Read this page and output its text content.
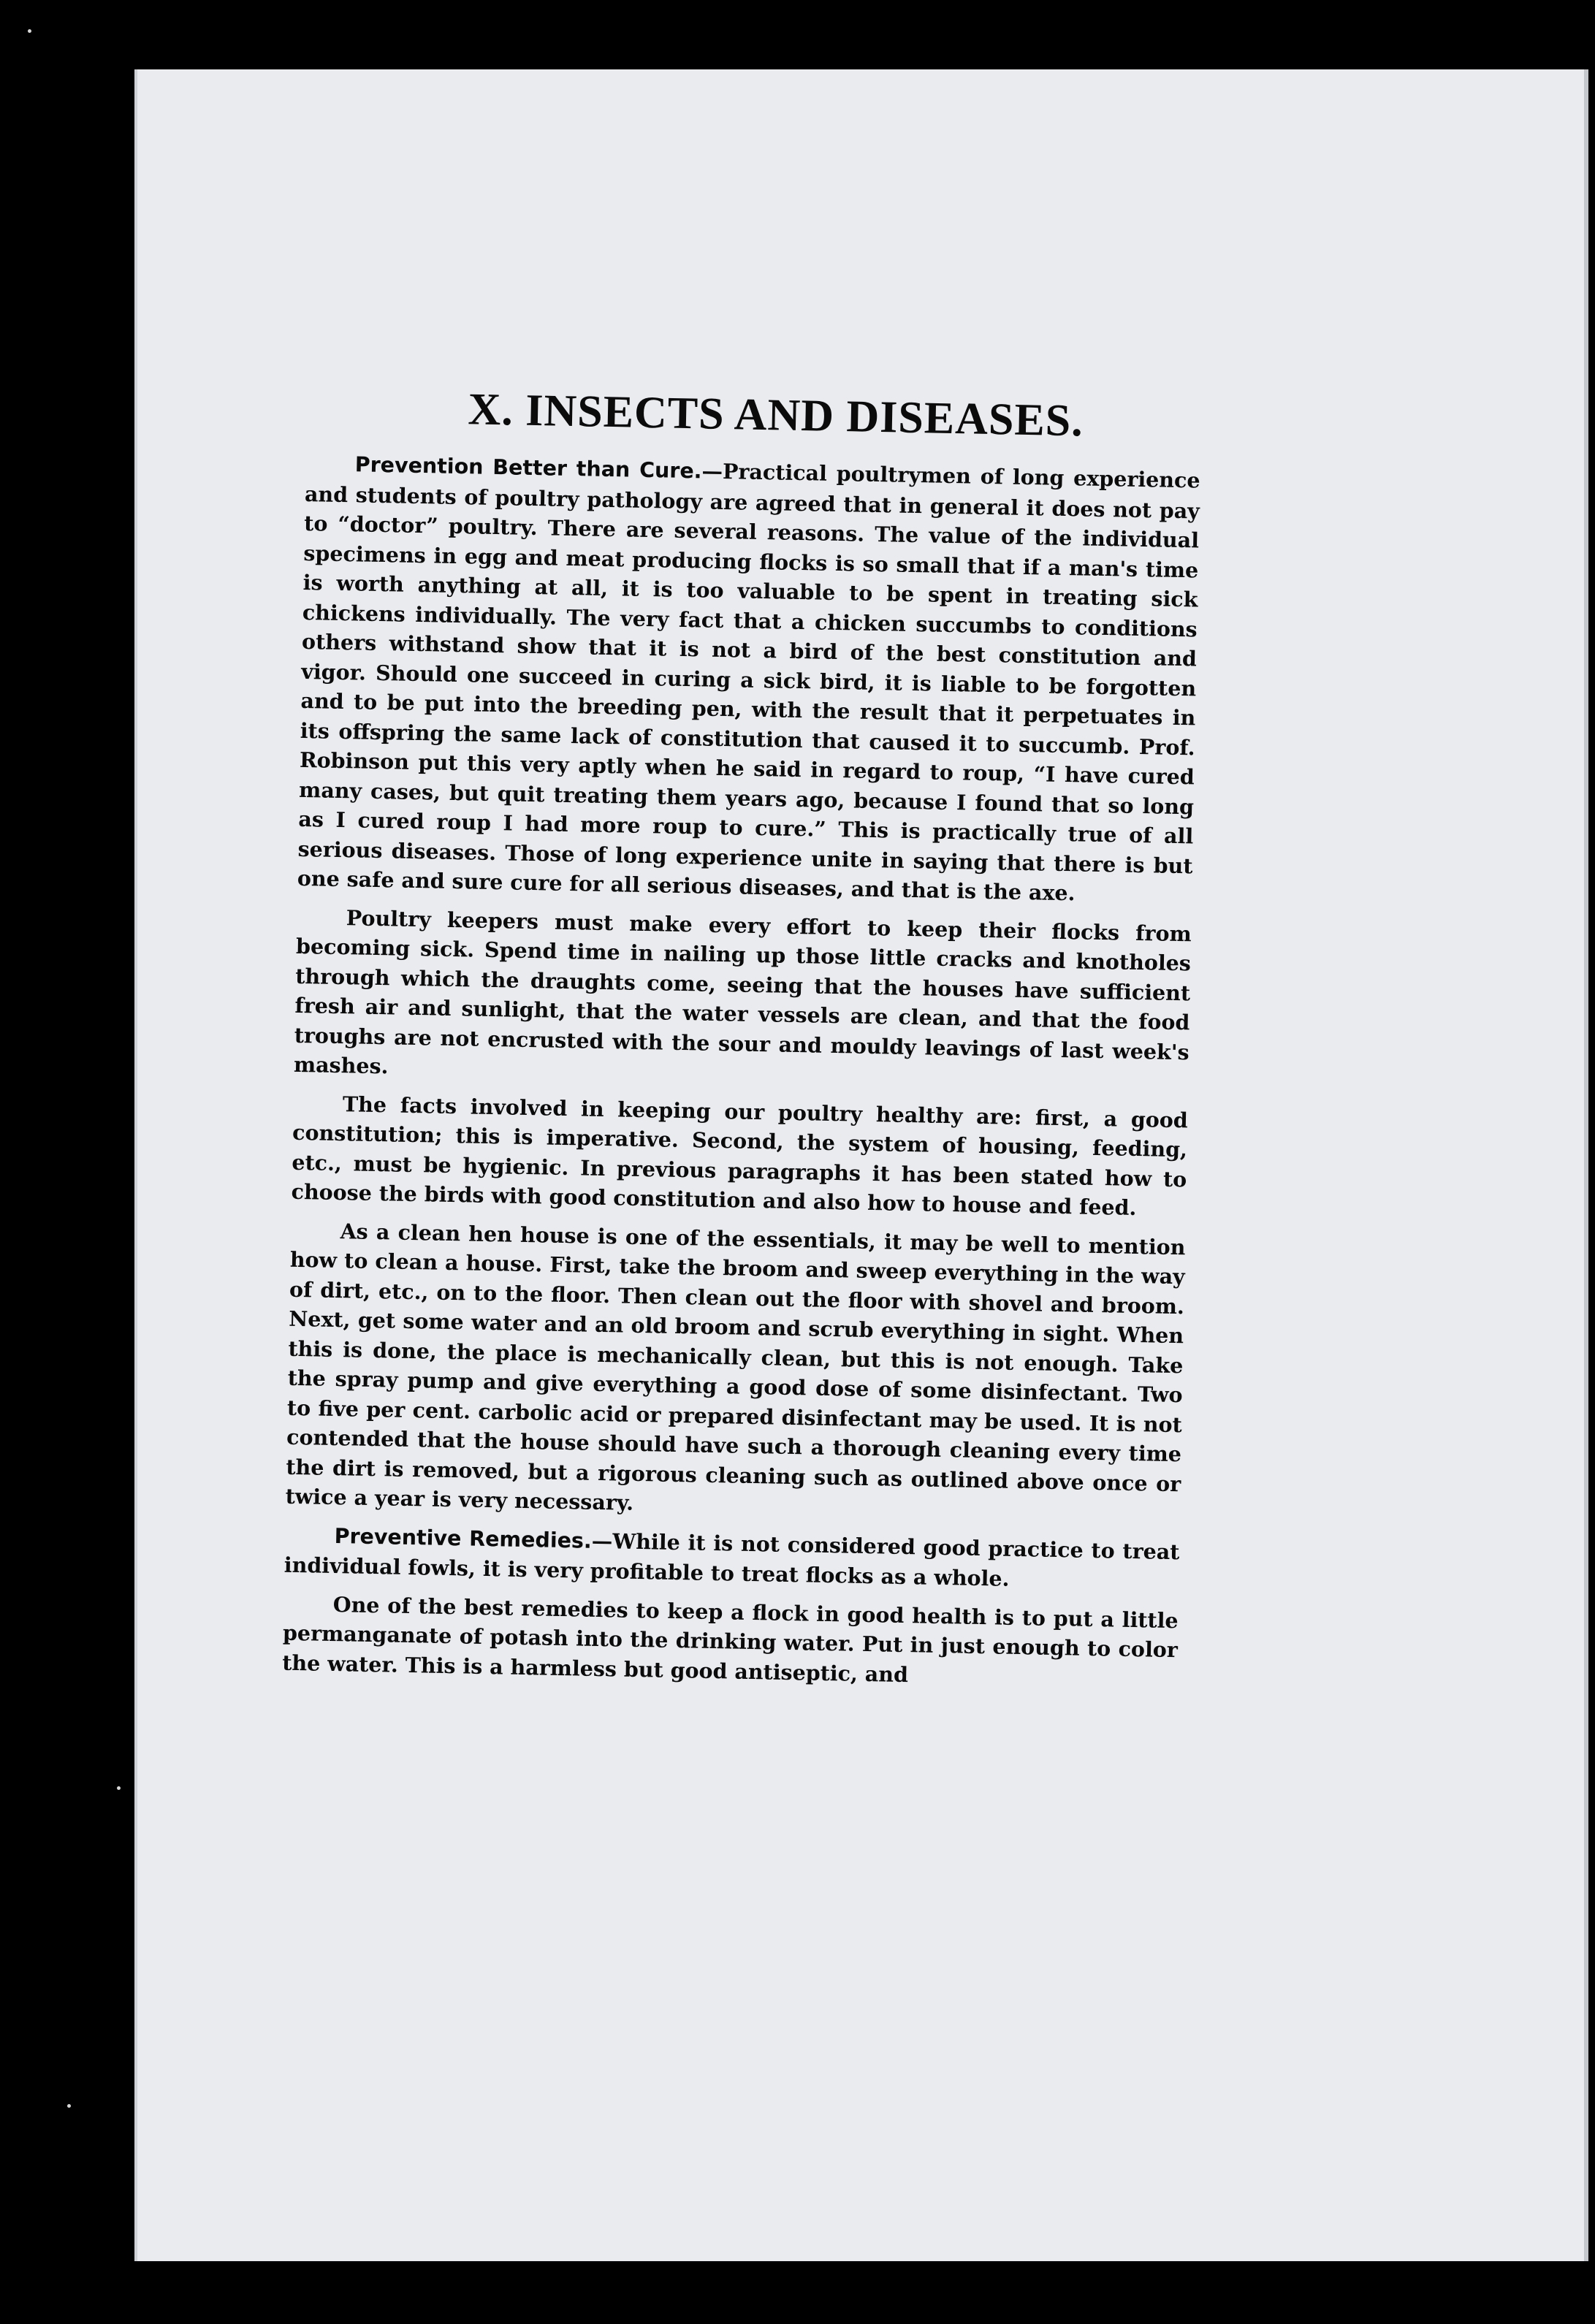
X. INSECTS AND DISEASES.

Prevention Better than Cure.—Practical poultrymen of long experience and students of poultry pathology are agreed that in general it does not pay to “doctor” poultry. There are several reasons. The value of the individual specimens in egg and meat producing flocks is so small that if a man's time is worth anything at all, it is too valuable to be spent in treating sick chickens individually. The very fact that a chicken succumbs to conditions others withstand show that it is not a bird of the best constitution and vigor. Should one succeed in curing a sick bird, it is liable to be forgotten and to be put into the breeding pen, with the result that it perpetuates in its offspring the same lack of constitution that caused it to succumb. Prof. Robinson put this very aptly when he said in regard to roup, “I have cured many cases, but quit treating them years ago, because I found that so long as I cured roup I had more roup to cure.” This is practically true of all serious diseases. Those of long experience unite in saying that there is but one safe and sure cure for all serious diseases, and that is the axe.

Poultry keepers must make every effort to keep their flocks from becoming sick. Spend time in nailing up those little cracks and knotholes through which the draughts come, seeing that the houses have sufficient fresh air and sunlight, that the water vessels are clean, and that the food troughs are not encrusted with the sour and mouldy leavings of last week's mashes.

The facts involved in keeping our poultry healthy are: first, a good constitution; this is imperative. Second, the system of housing, feeding, etc., must be hygienic. In previous paragraphs it has been stated how to choose the birds with good constitution and also how to house and feed.

As a clean hen house is one of the essentials, it may be well to mention how to clean a house. First, take the broom and sweep everything in the way of dirt, etc., on to the floor. Then clean out the floor with shovel and broom. Next, get some water and an old broom and scrub everything in sight. When this is done, the place is mechanically clean, but this is not enough. Take the spray pump and give everything a good dose of some disinfectant. Two to five per cent. carbolic acid or prepared disinfectant may be used. It is not contended that the house should have such a thorough cleaning every time the dirt is removed, but a rigorous cleaning such as outlined above once or twice a year is very necessary.

Preventive Remedies.—While it is not considered good practice to treat individual fowls, it is very profitable to treat flocks as a whole.

One of the best remedies to keep a flock in good health is to put a little permanganate of potash into the drinking water. Put in just enough to color the water. This is a harmless but good antiseptic, and
